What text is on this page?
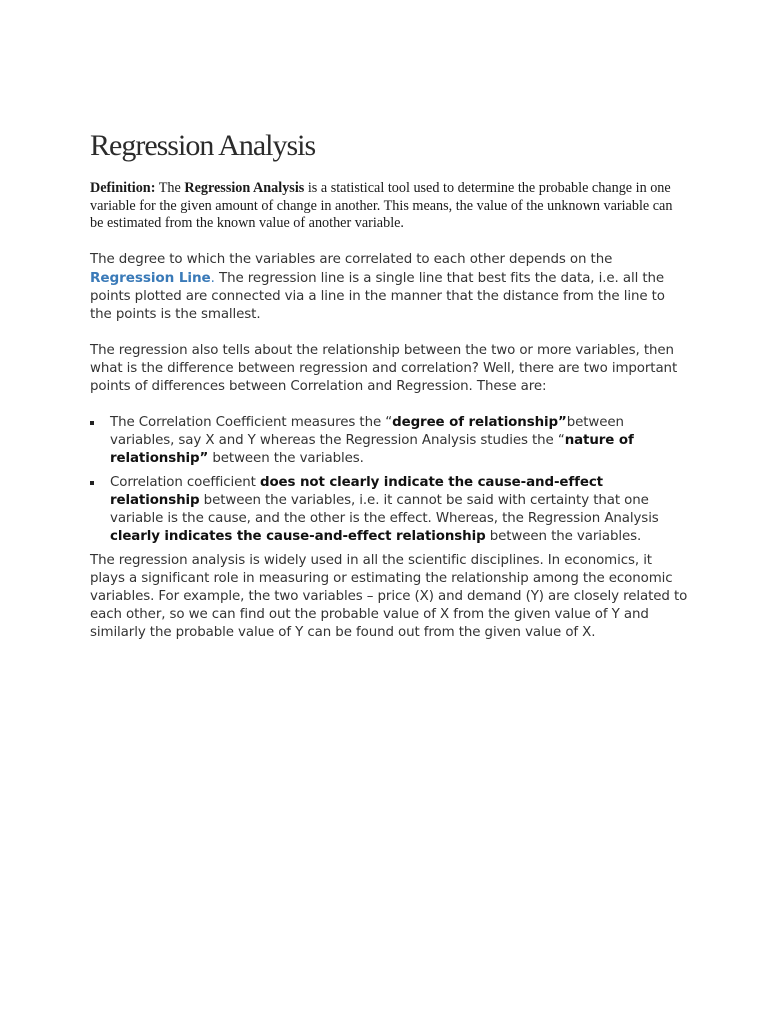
Regression Analysis

Definition: The Regression Analysis is a statistical tool used to determine the probable change in one variable for the given amount of change in another. This means, the value of the unknown variable can be estimated from the known value of another variable.

The degree to which the variables are correlated to each other depends on the Regression Line. The regression line is a single line that best fits the data, i.e. all the points plotted are connected via a line in the manner that the distance from the line to the points is the smallest.

The regression also tells about the relationship between the two or more variables, then what is the difference between regression and correlation? Well, there are two important points of differences between Correlation and Regression. These are:

The Correlation Coefficient measures the “degree of relationship”between variables, say X and Y whereas the Regression Analysis studies the “nature of relationship” between the variables.
Correlation coefficient does not clearly indicate the cause-and-effect relationship between the variables, i.e. it cannot be said with certainty that one variable is the cause, and the other is the effect. Whereas, the Regression Analysis clearly indicates the cause-and-effect relationship between the variables.

The regression analysis is widely used in all the scientific disciplines. In economics, it plays a significant role in measuring or estimating the relationship among the economic variables. For example, the two variables – price (X) and demand (Y) are closely related to each other, so we can find out the probable value of X from the given value of Y and similarly the probable value of Y can be found out from the given value of X.
